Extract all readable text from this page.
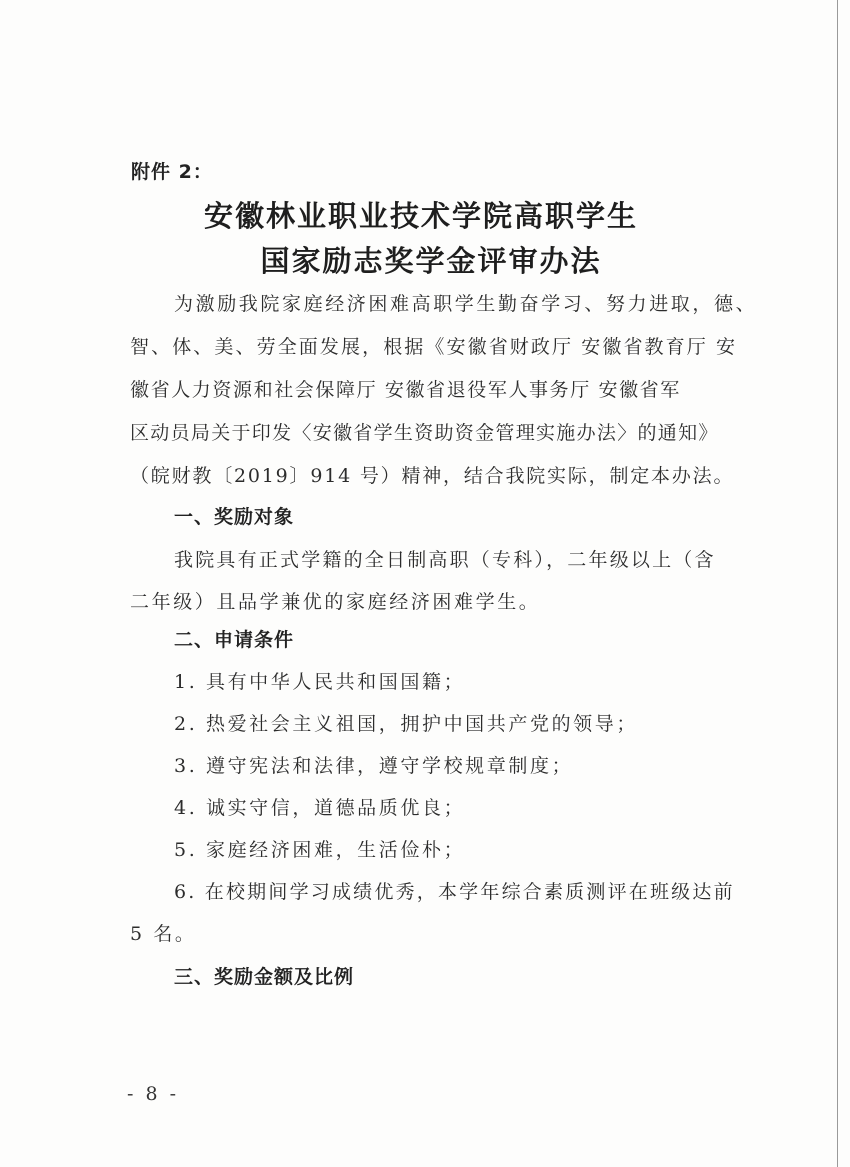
附件 2：
安徽林业职业技术学院高职学生
国家励志奖学金评审办法
为激励我院家庭经济困难高职学生勤奋学习、努力进取，德、
智、体、美、劳全面发展，根据《安徽省财政厅 安徽省教育厅 安
徽省人力资源和社会保障厅 安徽省退役军人事务厅 安徽省军
区动员局关于印发〈安徽省学生资助资金管理实施办法〉的通知》
（皖财教〔2019〕914 号）精神，结合我院实际，制定本办法。
一、奖励对象
我院具有正式学籍的全日制高职（专科），二年级以上（含
二年级）且品学兼优的家庭经济困难学生。
二、申请条件
1. 具有中华人民共和国国籍；
2. 热爱社会主义祖国，拥护中国共产党的领导；
3. 遵守宪法和法律，遵守学校规章制度；
4. 诚实守信，道德品质优良；
5. 家庭经济困难，生活俭朴；
6. 在校期间学习成绩优秀，本学年综合素质测评在班级达前
5 名。
三、奖励金额及比例
- 8 -
